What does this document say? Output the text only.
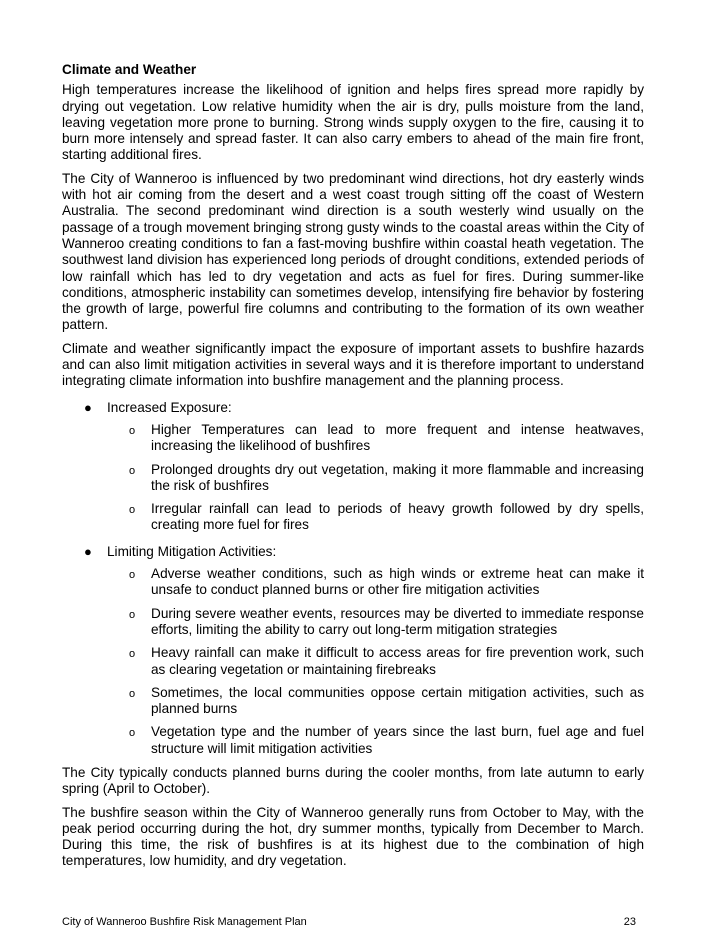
Climate and Weather

High temperatures increase the likelihood of ignition and helps fires spread more rapidly by drying out vegetation. Low relative humidity when the air is dry, pulls moisture from the land, leaving vegetation more prone to burning. Strong winds supply oxygen to the fire, causing it to burn more intensely and spread faster. It can also carry embers to ahead of the main fire front, starting additional fires.

The City of Wanneroo is influenced by two predominant wind directions, hot dry easterly winds with hot air coming from the desert and a west coast trough sitting off the coast of Western Australia. The second predominant wind direction is a south westerly wind usually on the passage of a trough movement bringing strong gusty winds to the coastal areas within the City of Wanneroo creating conditions to fan a fast-moving bushfire within coastal heath vegetation. The southwest land division has experienced long periods of drought conditions, extended periods of low rainfall which has led to dry vegetation and acts as fuel for fires. During summer-like conditions, atmospheric instability can sometimes develop, intensifying fire behavior by fostering the growth of large, powerful fire columns and contributing to the formation of its own weather pattern.

Climate and weather significantly impact the exposure of important assets to bushfire hazards and can also limit mitigation activities in several ways and it is therefore important to understand integrating climate information into bushfire management and the planning process.

● Increased Exposure:
o Higher Temperatures can lead to more frequent and intense heatwaves, increasing the likelihood of bushfires
o Prolonged droughts dry out vegetation, making it more flammable and increasing the risk of bushfires
o Irregular rainfall can lead to periods of heavy growth followed by dry spells, creating more fuel for fires
● Limiting Mitigation Activities:
o Adverse weather conditions, such as high winds or extreme heat can make it unsafe to conduct planned burns or other fire mitigation activities
o During severe weather events, resources may be diverted to immediate response efforts, limiting the ability to carry out long-term mitigation strategies
o Heavy rainfall can make it difficult to access areas for fire prevention work, such as clearing vegetation or maintaining firebreaks
o Sometimes, the local communities oppose certain mitigation activities, such as planned burns
o Vegetation type and the number of years since the last burn, fuel age and fuel structure will limit mitigation activities

The City typically conducts planned burns during the cooler months, from late autumn to early spring (April to October).

The bushfire season within the City of Wanneroo generally runs from October to May, with the peak period occurring during the hot, dry summer months, typically from December to March. During this time, the risk of bushfires is at its highest due to the combination of high temperatures, low humidity, and dry vegetation.

City of Wanneroo Bushfire Risk Management Plan	23
